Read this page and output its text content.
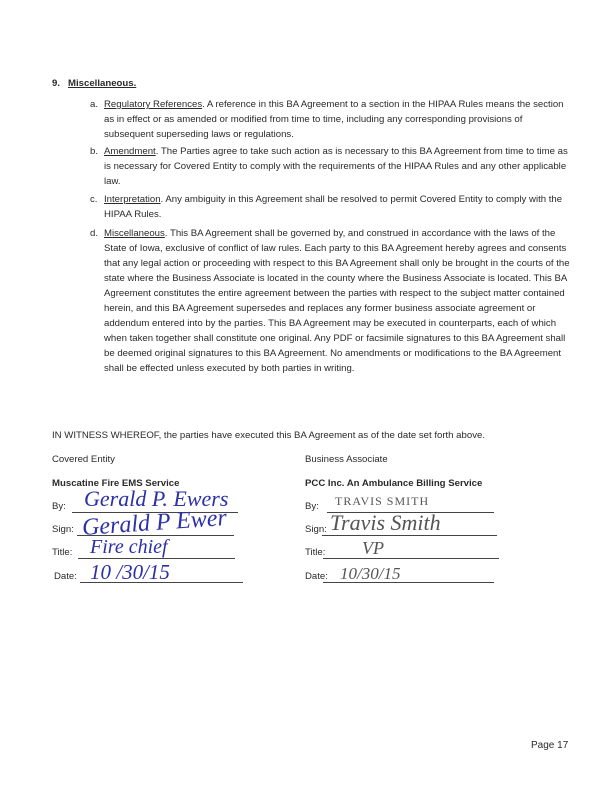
9. Miscellaneous.
a. Regulatory References. A reference in this BA Agreement to a section in the HIPAA Rules means the section as in effect or as amended or modified from time to time, including any corresponding provisions of subsequent superseding laws or regulations.
b. Amendment. The Parties agree to take such action as is necessary to this BA Agreement from time to time as is necessary for Covered Entity to comply with the requirements of the HIPAA Rules and any other applicable law.
c. Interpretation. Any ambiguity in this Agreement shall be resolved to permit Covered Entity to comply with the HIPAA Rules.
d. Miscellaneous. This BA Agreement shall be governed by, and construed in accordance with the laws of the State of Iowa, exclusive of conflict of law rules. Each party to this BA Agreement hereby agrees and consents that any legal action or proceeding with respect to this BA Agreement shall only be brought in the courts of the state where the Business Associate is located in the county where the Business Associate is located. This BA Agreement constitutes the entire agreement between the parties with respect to the subject matter contained herein, and this BA Agreement supersedes and replaces any former business associate agreement or addendum entered into by the parties. This BA Agreement may be executed in counterparts, each of which when taken together shall constitute one original. Any PDF or facsimile signatures to this BA Agreement shall be deemed original signatures to this BA Agreement. No amendments or modifications to the BA Agreement shall be effected unless executed by both parties in writing.
IN WITNESS WHEREOF, the parties have executed this BA Agreement as of the date set forth above.
Covered Entity
Muscatine Fire EMS Service
By:
Sign:
Title:
Date:
Gerald P. Ewers
Gerald P Ewer
Fire chief
10 /30/15
Business Associate
PCC Inc. An Ambulance Billing Service
By:
Sign:
Title:
Date:
TRAVIS SMITH
Travis Smith
VP
10/30/15
Page 17
